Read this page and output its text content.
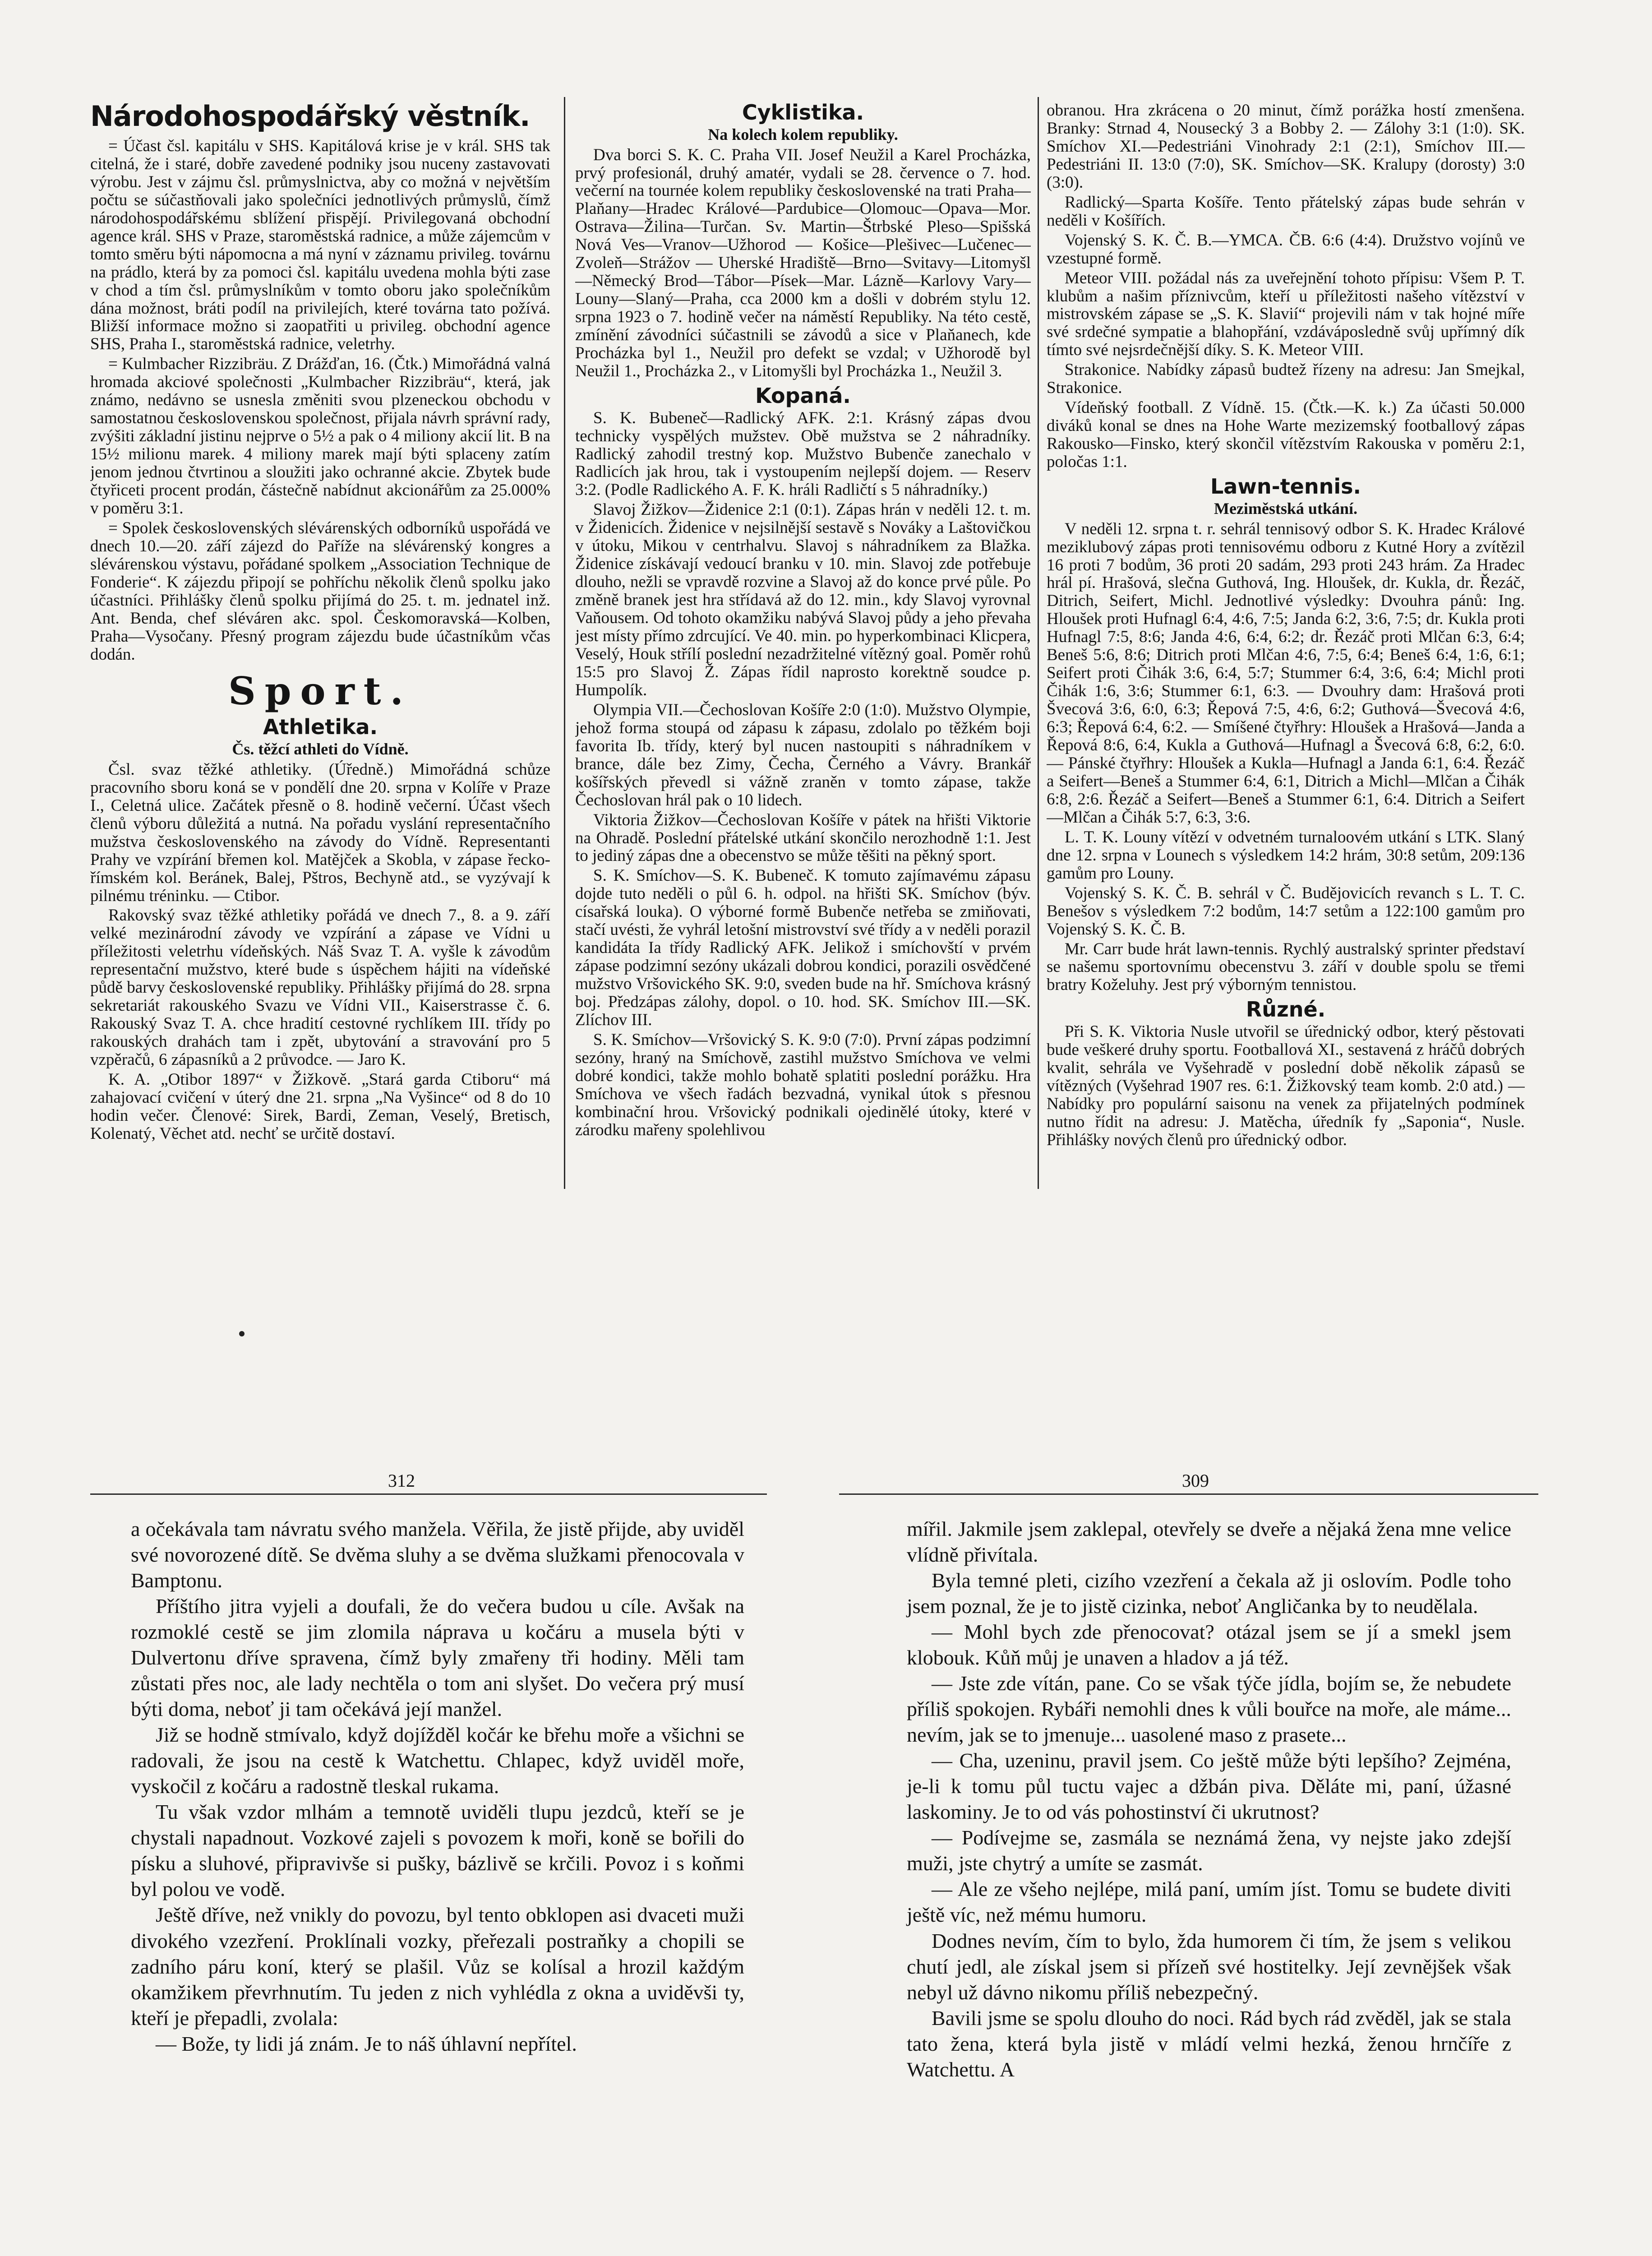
Národohospodářský věstník.

= Účast čsl. kapitálu v SHS. Kapitálová krise je v král. SHS tak citelná, že i staré, dobře zavedené podniky jsou nuceny zastavovati výrobu. Jest v zájmu čsl. průmyslnictva, aby co možná v největším počtu se súčastňovali jako společníci jednotlivých průmyslů, čímž národohospodářskému sblížení přispějí. Privilegovaná obchodní agence král. SHS v Praze, staroměstská radnice, a může zájemcům v tomto směru býti nápomocna a má nyní v záznamu privileg. továrnu na prádlo, která by za pomoci čsl. kapitálu uvedena mohla býti zase v chod a tím čsl. průmyslníkům v tomto oboru jako společníkům dána možnost, bráti podíl na privilejích, které továrna tato požívá. Bližší informace možno si zaopatřiti u privileg. obchodní agence SHS, Praha I., staroměstská radnice, veletrhy.

= Kulmbacher Rizzibräu. Z Drážďan, 16. (Čtk.) Mimořádná valná hromada akciové společnosti „Kulmbacher Rizzibräu“, která, jak známo, nedávno se usnesla změniti svou plzeneckou obchodu v samostatnou československou společnost, přijala návrh správní rady, zvýšiti základní jistinu nejprve o 5½ a pak o 4 miliony akcií lit. B na 15½ milionu marek. 4 miliony marek mají býti splaceny zatím jenom jednou čtvrtinou a sloužiti jako ochranné akcie. Zbytek bude čtyřiceti procent prodán, částečně nabídnut akcionářům za 25.000% v poměru 3:1.

= Spolek československých slévárenských odborníků uspořádá ve dnech 10.—20. září zájezd do Paříže na slévárenský kongres a slévárenskou výstavu, pořádané spolkem „Association Technique de Fonderie“. K zájezdu připojí se pohříchu několik členů spolku jako účastníci. Přihlášky členů spolku přijímá do 25. t. m. jednatel inž. Ant. Benda, chef sléváren akc. spol. Českomoravská—Kolben, Praha—Vysočany. Přesný program zájezdu bude účastníkům včas dodán.

Sport.
Athletika.
Čs. těžcí athleti do Vídně.

Čsl. svaz těžké athletiky. (Úředně.) Mimořádná schůze pracovního sboru koná se v pondělí dne 20. srpna v Kolíře v Praze I., Celetná ulice. Začátek přesně o 8. hodině večerní. Účast všech členů výboru důležitá a nutná. Na pořadu vyslání representačního mužstva československého na závody do Vídně. Representanti Prahy ve vzpírání břemen kol. Matějček a Skobla, v zápase řecko-římském kol. Beránek, Balej, Pštros, Bechyně atd., se vyzývají k pilnému tréninku. — Ctibor.

Rakovský svaz těžké athletiky pořádá ve dnech 7., 8. a 9. září velké mezinárodní závody ve vzpírání a zápase ve Vídni u příležitosti veletrhu vídeňských. Náš Svaz T. A. vyšle k závodům representační mužstvo, které bude s úspěchem hájiti na vídeňské půdě barvy československé republiky. Přihlášky přijímá do 28. srpna sekretariát rakouského Svazu ve Vídni VII., Kaiserstrasse č. 6. Rakouský Svaz T. A. chce hradití cestovné rychlíkem III. třídy po rakouských drahách tam i zpět, ubytování a stravování pro 5 vzpěračů, 6 zápasníků a 2 průvodce. — Jaro K.

K. A. „Otibor 1897“ v Žižkově. „Stará garda Ctiboru“ má zahajovací cvičení v úterý dne 21. srpna „Na Vyšince“ od 8 do 10 hodin večer. Členové: Sirek, Bardi, Zeman, Veselý, Bretisch, Kolenatý, Věchet atd. nechť se určitě dostaví.

Cyklistika.
Na kolech kolem republiky.

Dva borci S. K. C. Praha VII. Josef Neužil a Karel Procházka, prvý profesionál, druhý amatér, vydali se 28. července o 7. hod. večerní na tournée kolem republiky československé na trati Praha—Plaňany—Hradec Králové—Pardubice—Olomouc—Opava—Mor. Ostrava—Žilina—Turčan. Sv. Martin—Štrbské Pleso—Spišská Nová Ves—Vranov—Užhorod — Košice—Plešivec—Lučenec—Zvoleň—Strážov — Uherské Hradiště—Brno—Svitavy—Litomyšl—Německý Brod—Tábor—Písek—Mar. Lázně—Karlovy Vary—Louny—Slaný—Praha, cca 2000 km a došli v dobrém stylu 12. srpna 1923 o 7. hodině večer na náměstí Republiky. Na této cestě, zmínění závodníci súčastnili se závodů a sice v Plaňanech, kde Procházka byl 1., Neužil pro defekt se vzdal; v Užhorodě byl Neužil 1., Procházka 2., v Litomyšli byl Procházka 1., Neužil 3.

Kopaná.

S. K. Bubeneč—Radlický AFK. 2:1. Krásný zápas dvou technicky vyspělých mužstev. Obě mužstva se 2 náhradníky. Radlický zahodil trestný kop. Mužstvo Bubenče zanechalo v Radlicích jak hrou, tak i vystoupením nejlepší dojem. — Reserv 3:2. (Podle Radlického A. F. K. hráli Radličtí s 5 náhradníky.)

Slavoj Žižkov—Židenice 2:1 (0:1). Zápas hrán v neděli 12. t. m. v Židenicích. Židenice v nejsilnější sestavě s Nováky a Laštovičkou v útoku, Mikou v centrhalvu. Slavoj s náhradníkem za Blažka. Židenice získávají vedoucí branku v 10. min. Slavoj zde potřebuje dlouho, nežli se vpravdě rozvine a Slavoj až do konce prvé půle. Po změně branek jest hra střídavá až do 12. min., kdy Slavoj vyrovnal Vaňousem. Od tohoto okamžiku nabývá Slavoj půdy a jeho převaha jest místy přímo zdrcující. Ve 40. min. po hyperkombinaci Klicpera, Veselý, Houk střílí poslední nezadržitelné vítězný goal. Poměr rohů 15:5 pro Slavoj Ž. Zápas řídil naprosto korektně soudce p. Humpolík.

Olympia VII.—Čechoslovan Košíře 2:0 (1:0). Mužstvo Olympie, jehož forma stoupá od zápasu k zápasu, zdolalo po těžkém boji favorita Ib. třídy, který byl nucen nastoupiti s náhradníkem v brance, dále bez Zimy, Čecha, Černého a Vávry. Brankář košířských převedl si vážně zraněn v tomto zápase, takže Čechoslovan hrál pak o 10 lidech.

Viktoria Žižkov—Čechoslovan Košíře v pátek na hřišti Viktorie na Ohradě. Poslední přátelské utkání skončilo nerozhodně 1:1. Jest to jediný zápas dne a obecenstvo se může těšiti na pěkný sport.

S. K. Smíchov—S. K. Bubeneč. K tomuto zajímavému zápasu dojde tuto neděli o půl 6. h. odpol. na hřišti SK. Smíchov (býv. císařská louka). O výborné formě Bubenče netřeba se zmiňovati, stačí uvésti, že vyhrál letošní mistrovství své třídy a v neděli porazil kandidáta Ia třídy Radlický AFK. Jelikož i smíchovští v prvém zápase podzimní sezóny ukázali dobrou kondici, porazili osvědčené mužstvo Vršovického SK. 9:0, sveden bude na hř. Smíchova krásný boj. Předzápas zálohy, dopol. o 10. hod. SK. Smíchov III.—SK. Zlíchov III.

S. K. Smíchov—Vršovický S. K. 9:0 (7:0). První zápas podzimní sezóny, hraný na Smíchově, zastihl mužstvo Smíchova ve velmi dobré kondici, takže mohlo bohatě splatiti poslední porážku. Hra Smíchova ve všech řadách bezvadná, vynikal útok s přesnou kombinační hrou. Vršovický podnikali ojedinělé útoky, které v zárodku mařeny spolehlivou

obranou. Hra zkrácena o 20 minut, čímž porážka hostí zmenšena. Branky: Strnad 4, Nousecký 3 a Bobby 2. — Zálohy 3:1 (1:0). SK. Smíchov XI.—Pedestriáni Vinohrady 2:1 (2:1), Smíchov III.—Pedestriáni II. 13:0 (7:0), SK. Smíchov—SK. Kralupy (dorosty) 3:0 (3:0).

Radlický—Sparta Košíře. Tento přátelský zápas bude sehrán v neděli v Košířích.

Vojenský S. K. Č. B.—YMCA. ČB. 6:6 (4:4). Družstvo vojínů ve vzestupné formě.

Meteor VIII. požádal nás za uveřejnění tohoto přípisu: Všem P. T. klubům a našim příznivcům, kteří u příležitosti našeho vítězství v mistrovském zápase se „S. K. Slavií“ projevili nám v tak hojné míře své srdečné sympatie a blahopřání, vzdáváposledně svůj upřímný dík tímto své nejsrdečnější díky. S. K. Meteor VIII.

Strakonice. Nabídky zápasů budtež řízeny na adresu: Jan Smejkal, Strakonice.

Vídeňský football. Z Vídně. 15. (Čtk.—K. k.) Za účasti 50.000 diváků konal se dnes na Hohe Warte mezizemský footballový zápas Rakousko—Finsko, který skončil vítězstvím Rakouska v poměru 2:1, poločas 1:1.

Lawn-tennis.
Meziměstská utkání.

V neděli 12. srpna t. r. sehrál tennisový odbor S. K. Hradec Králové meziklubový zápas proti tennisovému odboru z Kutné Hory a zvítězil 16 proti 7 bodům, 36 proti 20 sadám, 293 proti 243 hrám. Za Hradec hrál pí. Hrašová, slečna Guthová, Ing. Hloušek, dr. Kukla, dr. Řezáč, Ditrich, Seifert, Michl. Jednotlivé výsledky: Dvouhra pánů: Ing. Hloušek proti Hufnagl 6:4, 4:6, 7:5; Janda 6:2, 3:6, 7:5; dr. Kukla proti Hufnagl 7:5, 8:6; Janda 4:6, 6:4, 6:2; dr. Řezáč proti Mlčan 6:3, 6:4; Beneš 5:6, 8:6; Ditrich proti Mlčan 4:6, 7:5, 6:4; Beneš 6:4, 1:6, 6:1; Seifert proti Čihák 3:6, 6:4, 5:7; Stummer 6:4, 3:6, 6:4; Michl proti Čihák 1:6, 3:6; Stummer 6:1, 6:3. — Dvouhry dam: Hrašová proti Švecová 3:6, 6:0, 6:3; Řepová 7:5, 4:6, 6:2; Guthová—Švecová 4:6, 6:3; Řepová 6:4, 6:2. — Smíšené čtyřhry: Hloušek a Hrašová—Janda a Řepová 8:6, 6:4, Kukla a Guthová—Hufnagl a Švecová 6:8, 6:2, 6:0. — Pánské čtyřhry: Hloušek a Kukla—Hufnagl a Janda 6:1, 6:4. Řezáč a Seifert—Beneš a Stummer 6:4, 6:1, Ditrich a Michl—Mlčan a Čihák 6:8, 2:6. Řezáč a Seifert—Beneš a Stummer 6:1, 6:4. Ditrich a Seifert—Mlčan a Čihák 5:7, 6:3, 3:6.

L. T. K. Louny vítězí v odvetném turnaloovém utkání s LTK. Slaný dne 12. srpna v Lounech s výsledkem 14:2 hrám, 30:8 setům, 209:136 gamům pro Louny.

Vojenský S. K. Č. B. sehrál v Č. Budějovicích revanch s L. T. C. Benešov s výsledkem 7:2 bodům, 14:7 setům a 122:100 gamům pro Vojenský S. K. Č. B.

Mr. Carr bude hrát lawn-tennis. Rychlý australský sprinter představí se našemu sportovnímu obecenstvu 3. září v double spolu se třemi bratry Koželuhy. Jest prý výborným tennistou.

Různé.

Při S. K. Viktoria Nusle utvořil se úřednický odbor, který pěstovati bude veškeré druhy sportu. Footballová XI., sestavená z hráčů dobrých kvalit, sehrála ve Vyšehradě v poslední době několik zápasů se vítězných (Vyšehrad 1907 res. 6:1. Žižkovský team komb. 2:0 atd.) — Nabídky pro populární saisonu na venek za přijatelných podmínek nutno řídit na adresu: J. Matěcha, úředník fy „Saponia“, Nusle. Přihlášky nových členů pro úřednický odbor.

312	309

a očekávala tam návratu svého manžela. Věřila, že jistě přijde, aby uviděl své novorozené dítě. Se dvěma sluhy a se dvěma služkami přenocovala v Bamptonu.

Příštího jitra vyjeli a doufali, že do večera budou u cíle. Avšak na rozmoklé cestě se jim zlomila náprava u kočáru a musela býti v Dulvertonu dříve spravena, čímž byly zmařeny tři hodiny. Měli tam zůstati přes noc, ale lady nechtěla o tom ani slyšet. Do večera prý musí býti doma, neboť ji tam očekává její manžel.

Již se hodně stmívalo, když dojížděl kočár ke břehu moře a všichni se radovali, že jsou na cestě k Watchettu. Chlapec, když uviděl moře, vyskočil z kočáru a radostně tleskal rukama.

Tu však vzdor mlhám a temnotě uviděli tlupu jezdců, kteří se je chystali napadnout. Vozkové zajeli s povozem k moři, koně se bořili do písku a sluhové, připravivše si pušky, bázlivě se krčili. Povoz i s koňmi byl polou ve vodě.

Ještě dříve, než vnikly do povozu, byl tento obklopen asi dvaceti muži divokého vzezření. Proklínali vozky, přeřezali postraňky a chopili se zadního páru koní, který se plašil. Vůz se kolísal a hrozil každým okamžikem převrhnutím. Tu jeden z nich vyhlédla z okna a uviděvši ty, kteří je přepadli, zvolala:

— Bože, ty lidi já znám. Je to náš úhlavní nepřítel.

mířil. Jakmile jsem zaklepal, otevřely se dveře a nějaká žena mne velice vlídně přivítala.

Byla temné pleti, cizího vzezření a čekala až ji oslovím. Podle toho jsem poznal, že je to jistě cizinka, neboť Angličanka by to neudělala.

— Mohl bych zde přenocovat? otázal jsem se jí a smekl jsem klobouk. Kůň můj je unaven a hladov a já též.

— Jste zde vítán, pane. Co se však týče jídla, bojím se, že nebudete příliš spokojen. Rybáři nemohli dnes k vůli bouřce na moře, ale máme... nevím, jak se to jmenuje... uasolené maso z prasete...

— Cha, uzeninu, pravil jsem. Co ještě může býti lepšího? Zejména, je-li k tomu půl tuctu vajec a džbán piva. Děláte mi, paní, úžasné laskominy. Je to od vás pohostinství či ukrutnost?

— Podívejme se, zasmála se neznámá žena, vy nejste jako zdejší muži, jste chytrý a umíte se zasmát.

— Ale ze všeho nejlépe, milá paní, umím jíst. Tomu se budete diviti ještě víc, než mému humoru.

Dodnes nevím, čím to bylo, žda humorem či tím, že jsem s velikou chutí jedl, ale získal jsem si přízeň své hostitelky. Její zevnějšek však nebyl už dávno nikomu příliš nebezpečný.

Bavili jsme se spolu dlouho do noci. Rád bych rád zvěděl, jak se stala tato žena, která byla jistě v mládí velmi hezká, ženou hrnčíře z Watchettu. A
